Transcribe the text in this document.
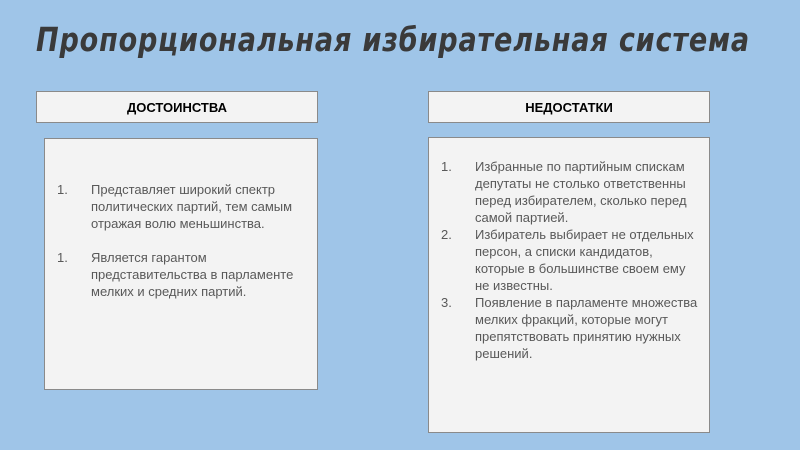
Пропорциональная избирательная система
ДОСТОИНСТВА	НЕДОСТАТКИ
1.	Представляет широкий спектр политических партий, тем самым отражая волю меньшинства.
1.	Является гарантом представительства в парламенте мелких и средних партий.
1.	Избранные по партийным спискам депутаты не столько ответственны перед избирателем, сколько перед самой партией.
2.	Избиратель выбирает не отдельных персон, а списки кандидатов, которые в большинстве своем ему не известны.
3.	Появление в парламенте множества мелких фракций, которые могут препятствовать принятию нужных решений.
